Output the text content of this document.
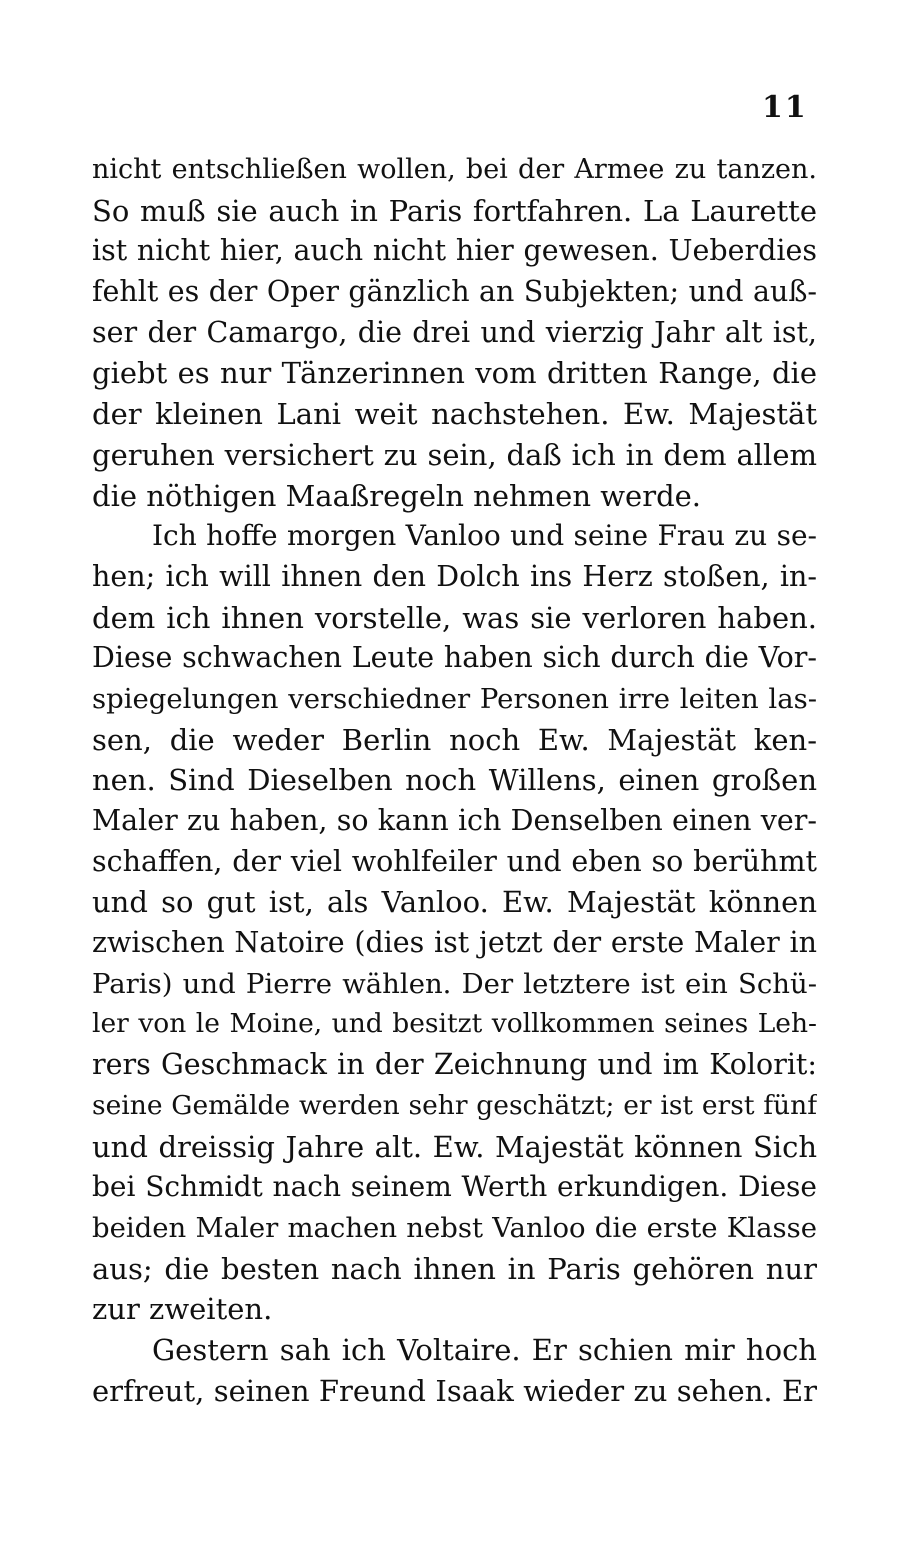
11
nicht entschließen wollen, bei der Armee zu tanzen.
So muß sie auch in Paris fortfahren. La Laurette
ist nicht hier, auch nicht hier gewesen. Ueberdies
fehlt es der Oper gänzlich an Subjekten; und auß-
ser der Camargo, die drei und vierzig Jahr alt ist,
giebt es nur Tänzerinnen vom dritten Range, die
der kleinen Lani weit nachstehen. Ew. Majestät
geruhen versichert zu sein, daß ich in dem allem
die nöthigen Maaßregeln nehmen werde.
Ich hoffe morgen Vanloo und seine Frau zu se-
hen; ich will ihnen den Dolch ins Herz stoßen, in-
dem ich ihnen vorstelle, was sie verloren haben.
Diese schwachen Leute haben sich durch die Vor-
spiegelungen verschiedner Personen irre leiten las-
sen, die weder Berlin noch Ew. Majestät ken-
nen. Sind Dieselben noch Willens, einen großen
Maler zu haben, so kann ich Denselben einen ver-
schaffen, der viel wohlfeiler und eben so berühmt
und so gut ist, als Vanloo. Ew. Majestät können
zwischen Natoire (dies ist jetzt der erste Maler in
Paris) und Pierre wählen. Der letztere ist ein Schü-
ler von le Moine, und besitzt vollkommen seines Leh-
rers Geschmack in der Zeichnung und im Kolorit:
seine Gemälde werden sehr geschätzt; er ist erst fünf
und dreissig Jahre alt. Ew. Majestät können Sich
bei Schmidt nach seinem Werth erkundigen. Diese
beiden Maler machen nebst Vanloo die erste Klasse
aus; die besten nach ihnen in Paris gehören nur
zur zweiten.
Gestern sah ich Voltaire. Er schien mir hoch
erfreut, seinen Freund Isaak wieder zu sehen. Er
